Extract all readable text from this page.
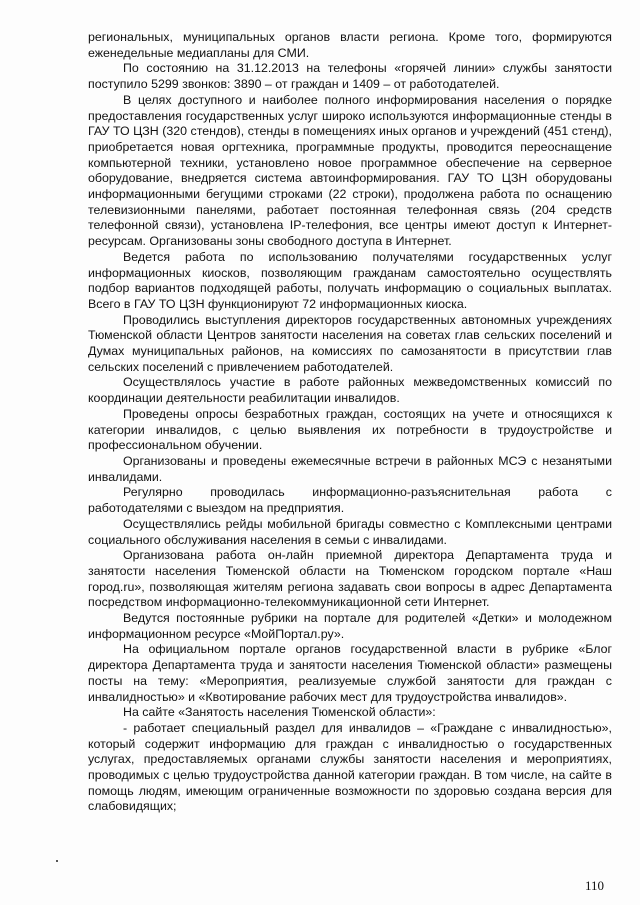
региональных, муниципальных органов власти региона. Кроме того, формируются еженедельные медиапланы для СМИ.

По состоянию на 31.12.2013 на телефоны «горячей линии» службы занятости поступило 5299 звонков: 3890 – от граждан и 1409 – от работодателей.

В целях доступного и наиболее полного информирования населения о порядке предоставления государственных услуг широко используются информационные стенды в ГАУ ТО ЦЗН (320 стендов), стенды в помещениях иных органов и учреждений (451 стенд), приобретается новая оргтехника, программные продукты, проводится переоснащение компьютерной техники, установлено новое программное обеспечение на серверное оборудование, внедряется система автоинформирования. ГАУ ТО ЦЗН оборудованы информационными бегущими строками (22 строки), продолжена работа по оснащению телевизионными панелями, работает постоянная телефонная связь (204 средств телефонной связи), установлена IP-телефония, все центры имеют доступ к Интернет-ресурсам. Организованы зоны свободного доступа в Интернет.

Ведется работа по использованию получателями государственных услуг информационных киосков, позволяющим гражданам самостоятельно осуществлять подбор вариантов подходящей работы, получать информацию о социальных выплатах. Всего в ГАУ ТО ЦЗН функционируют 72 информационных киоска.

Проводились выступления директоров государственных автономных учреждениях Тюменской области Центров занятости населения на советах глав сельских поселений и Думах муниципальных районов, на комиссиях по самозанятости в присутствии глав сельских поселений с привлечением работодателей.

Осуществлялось участие в работе районных межведомственных комиссий по координации деятельности реабилитации инвалидов.

Проведены опросы безработных граждан, состоящих на учете и относящихся к категории инвалидов, с целью выявления их потребности в трудоустройстве и профессиональном обучении.

Организованы и проведены ежемесячные встречи в районных МСЭ с незанятыми инвалидами.

Регулярно проводилась информационно-разъяснительная работа с работодателями с выездом на предприятия.

Осуществлялись рейды мобильной бригады совместно с Комплексными центрами социального обслуживания населения в семьи с инвалидами.

Организована работа он-лайн приемной директора Департамента труда и занятости населения Тюменской области на Тюменском городском портале «Наш город.ru», позволяющая жителям региона задавать свои вопросы в адрес Департамента посредством информационно-телекоммуникационной сети Интернет.

Ведутся постоянные рубрики на портале для родителей «Детки» и молодежном информационном ресурсе «МойПортал.ру».

На официальном портале органов государственной власти в рубрике «Блог директора Департамента труда и занятости населения Тюменской области» размещены посты на тему: «Мероприятия, реализуемые службой занятости для граждан с инвалидностью» и «Квотирование рабочих мест для трудоустройства инвалидов».

На сайте «Занятость населения Тюменской области»:

- работает специальный раздел для инвалидов – «Граждане с инвалидностью», который содержит информацию для граждан с инвалидностью о государственных услугах, предоставляемых органами службы занятости населения и мероприятиях, проводимых с целью трудоустройства данной категории граждан. В том числе, на сайте в помощь людям, имеющим ограниченные возможности по здоровью создана версия для слабовидящих;

110
